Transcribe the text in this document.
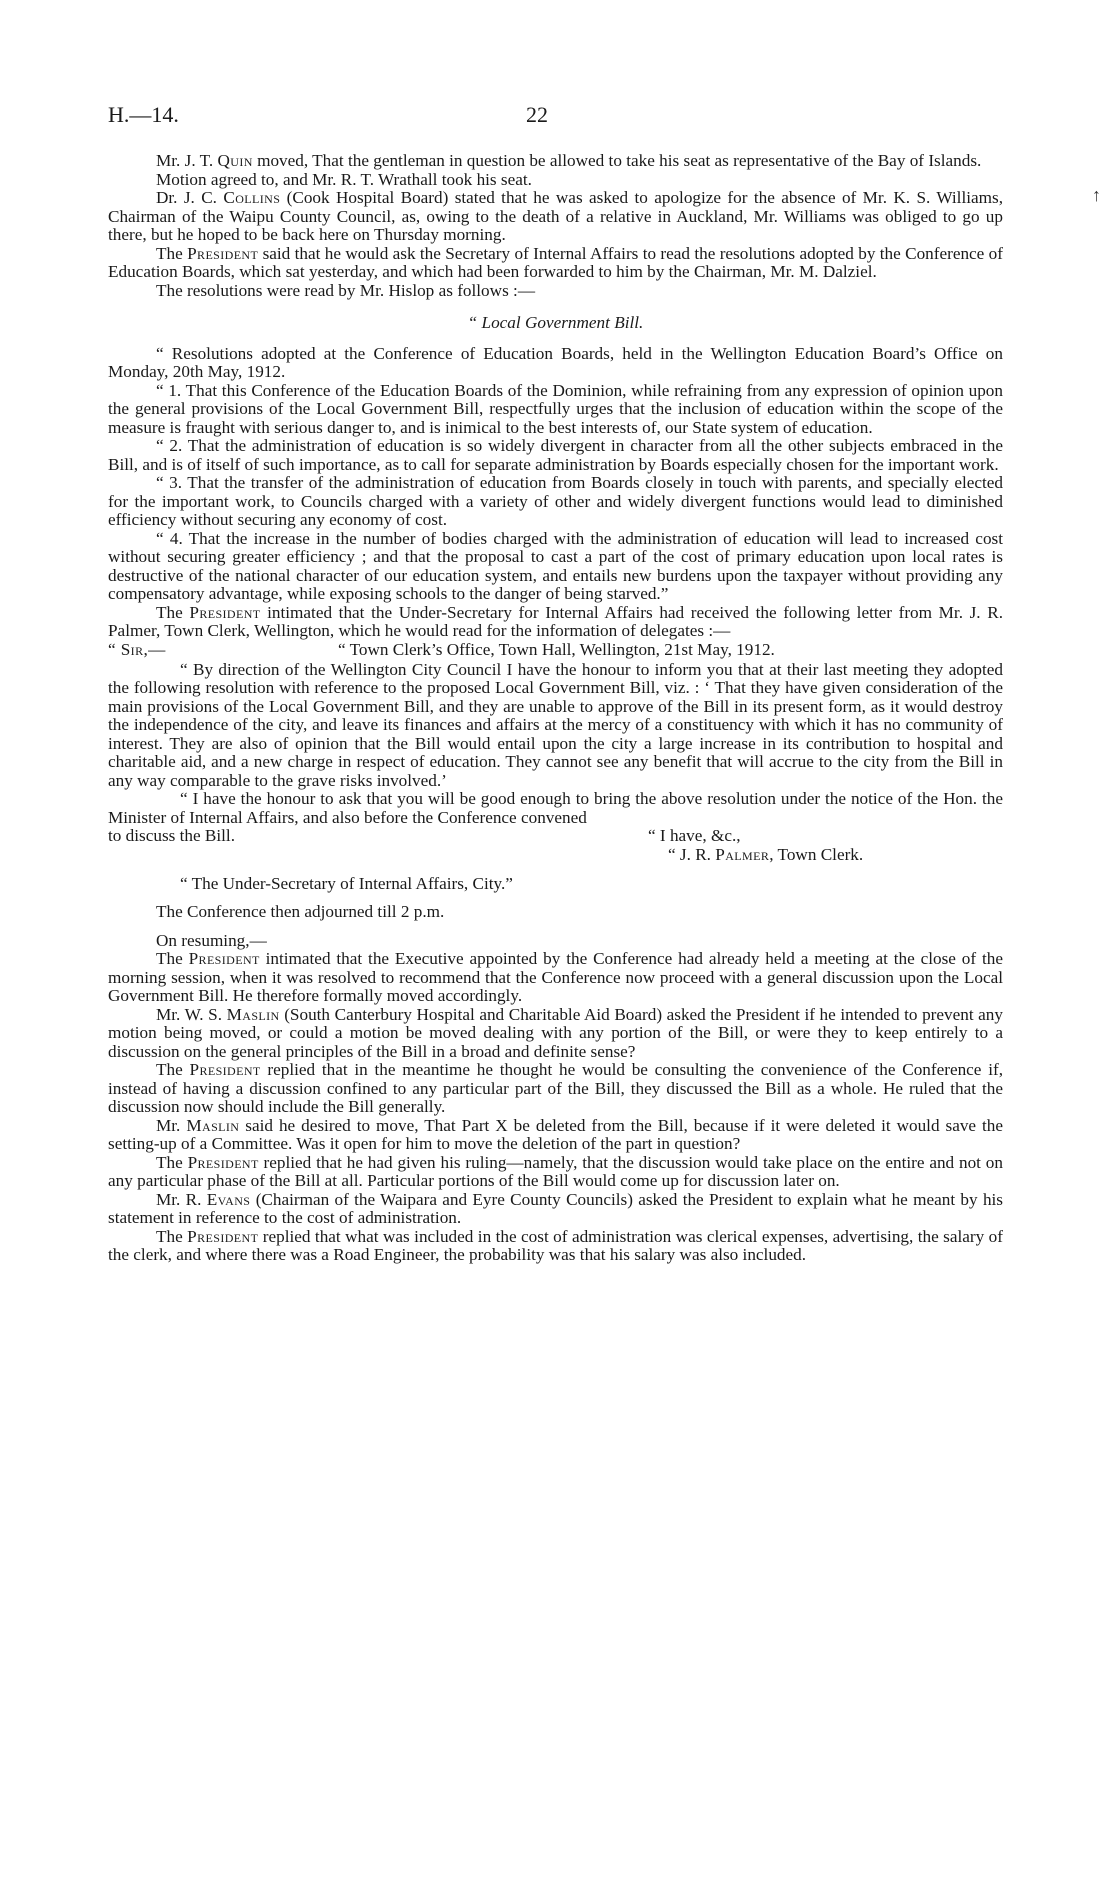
H.—14.	22
↑

Mr. J. T. Quin moved, That the gentleman in question be allowed to take his seat as representative of the Bay of Islands.

Motion agreed to, and Mr. R. T. Wrathall took his seat.

Dr. J. C. Collins (Cook Hospital Board) stated that he was asked to apologize for the absence of Mr. K. S. Williams, Chairman of the Waipu County Council, as, owing to the death of a relative in Auckland, Mr. Williams was obliged to go up there, but he hoped to be back here on Thursday morning.

The President said that he would ask the Secretary of Internal Affairs to read the resolutions adopted by the Conference of Education Boards, which sat yesterday, and which had been forwarded to him by the Chairman, Mr. M. Dalziel.

The resolutions were read by Mr. Hislop as follows :—

“ Local Government Bill.

“ Resolutions adopted at the Conference of Education Boards, held in the Wellington Education Board’s Office on Monday, 20th May, 1912.

“ 1. That this Conference of the Education Boards of the Dominion, while refraining from any expression of opinion upon the general provisions of the Local Government Bill, respectfully urges that the inclusion of education within the scope of the measure is fraught with serious danger to, and is inimical to the best interests of, our State system of education.

“ 2. That the administration of education is so widely divergent in character from all the other subjects embraced in the Bill, and is of itself of such importance, as to call for separate administration by Boards especially chosen for the important work.

“ 3. That the transfer of the administration of education from Boards closely in touch with parents, and specially elected for the important work, to Councils charged with a variety of other and widely divergent functions would lead to diminished efficiency without securing any economy of cost.

“ 4. That the increase in the number of bodies charged with the administration of education will lead to increased cost without securing greater efficiency ; and that the proposal to cast a part of the cost of primary education upon local rates is destructive of the national character of our education system, and entails new burdens upon the taxpayer without providing any compensatory advantage, while exposing schools to the danger of being starved.”

The President intimated that the Under-Secretary for Internal Affairs had received the following letter from Mr. J. R. Palmer, Town Clerk, Wellington, which he would read for the information of delegates :—

“ Sir,—	“ Town Clerk’s Office, Town Hall, Wellington, 21st May, 1912.

“ By direction of the Wellington City Council I have the honour to inform you that at their last meeting they adopted the following resolution with reference to the proposed Local Government Bill, viz. : ‘ That they have given consideration of the main provisions of the Local Government Bill, and they are unable to approve of the Bill in its present form, as it would destroy the independence of the city, and leave its finances and affairs at the mercy of a constituency with which it has no community of interest. They are also of opinion that the Bill would entail upon the city a large increase in its contribution to hospital and charitable aid, and a new charge in respect of education. They cannot see any benefit that will accrue to the city from the Bill in any way comparable to the grave risks involved.’

“ I have the honour to ask that you will be good enough to bring the above resolution under the notice of the Hon. the Minister of Internal Affairs, and also before the Conference convened

to discuss the Bill.	“ I have, &c.,

“ J. R. Palmer, Town Clerk.

“ The Under-Secretary of Internal Affairs, City.”

The Conference then adjourned till 2 p.m.

On resuming,—

The President intimated that the Executive appointed by the Conference had already held a meeting at the close of the morning session, when it was resolved to recommend that the Conference now proceed with a general discussion upon the Local Government Bill. He therefore formally moved accordingly.

Mr. W. S. Maslin (South Canterbury Hospital and Charitable Aid Board) asked the President if he intended to prevent any motion being moved, or could a motion be moved dealing with any portion of the Bill, or were they to keep entirely to a discussion on the general principles of the Bill in a broad and definite sense?

The President replied that in the meantime he thought he would be consulting the convenience of the Conference if, instead of having a discussion confined to any particular part of the Bill, they discussed the Bill as a whole. He ruled that the discussion now should include the Bill generally.

Mr. Maslin said he desired to move, That Part X be deleted from the Bill, because if it were deleted it would save the setting-up of a Committee. Was it open for him to move the deletion of the part in question?

The President replied that he had given his ruling—namely, that the discussion would take place on the entire and not on any particular phase of the Bill at all. Particular portions of the Bill would come up for discussion later on.

Mr. R. Evans (Chairman of the Waipara and Eyre County Councils) asked the President to explain what he meant by his statement in reference to the cost of administration.

The President replied that what was included in the cost of administration was clerical expenses, advertising, the salary of the clerk, and where there was a Road Engineer, the probability was that his salary was also included.
